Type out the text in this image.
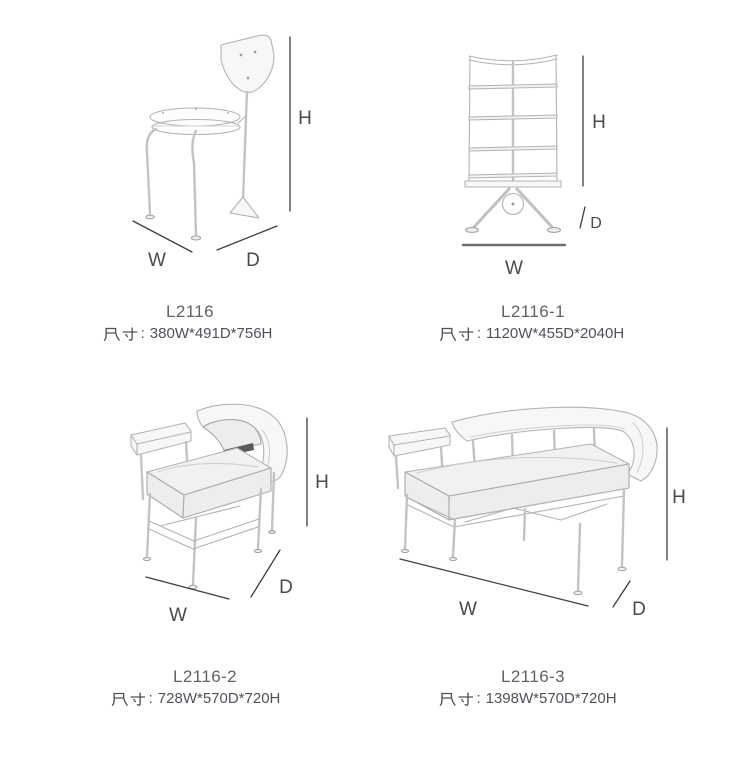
H
W	D
L2116
: 380W*491D*756H
H
D
W
L2116-1
: 1120W*455D*2040H
H
W
D
L2116-2
: 728W*570D*720H
H
W	D
L2116-3
: 1398W*570D*720H
